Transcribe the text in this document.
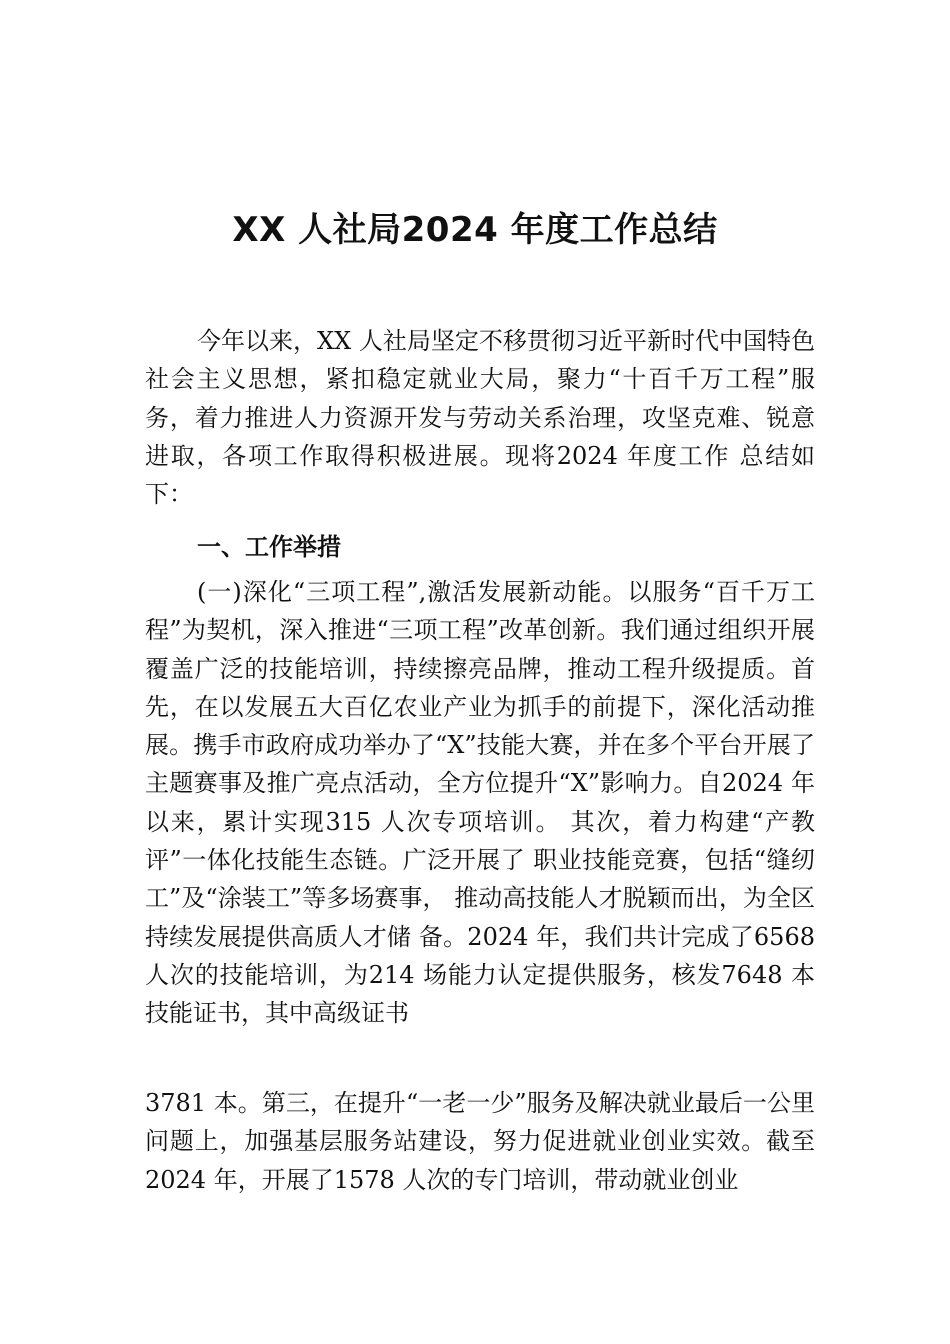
XX 人社局2024 年度工作总结

今年以来，XX 人社局坚定不移贯彻习近平新时代中国特色社会主义思想，紧扣稳定就业大局，聚力“十百千万工程”服务，着力推进人力资源开发与劳动关系治理，攻坚克难、锐意进取，各项工作取得积极进展。现将2024 年度工作 总结如下：

一、工作举措

(一)深化“三项工程”,激活发展新动能。以服务“百千万工程”为契机，深入推进“三项工程”改革创新。我们通过组织开展覆盖广泛的技能培训，持续擦亮品牌，推动工程升级提质。首先，在以发展五大百亿农业产业为抓手的前提下，深化活动推展。携手市政府成功举办了“X”技能大赛，并在多个平台开展了主题赛事及推广亮点活动，全方位提升“X”影响力。自2024 年以来，累计实现315 人次专项培训。 其次，着力构建“产教评”一体化技能生态链。广泛开展了 职业技能竞赛，包括“缝纫工”及“涂装工”等多场赛事， 推动高技能人才脱颖而出，为全区持续发展提供高质人才储 备。2024 年，我们共计完成了6568 人次的技能培训，为214 场能力认定提供服务，核发7648 本技能证书，其中高级证书

3781 本。第三，在提升“一老一少”服务及解决就业最后一公里问题上，加强基层服务站建设，努力促进就业创业实效。截至2024 年，开展了1578 人次的专门培训，带动就业创业
